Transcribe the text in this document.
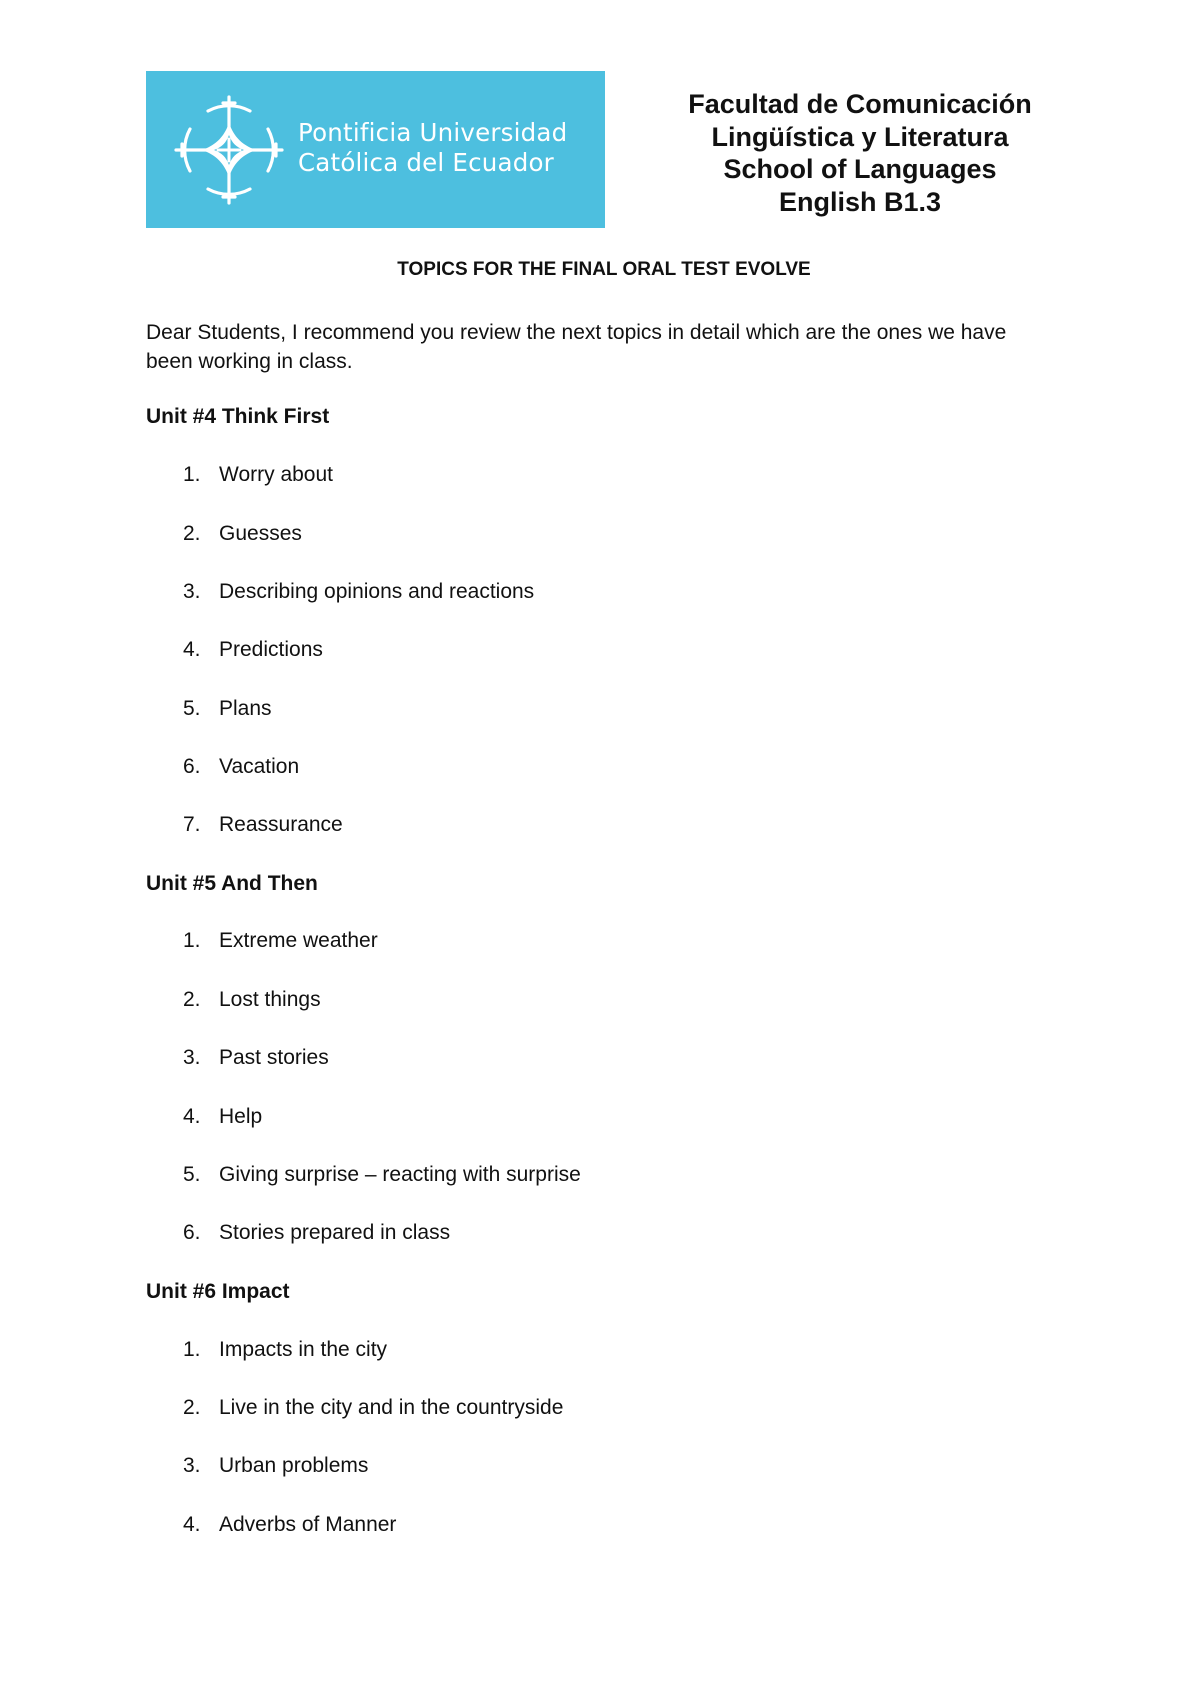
Pontificia Universidad
Católica del Ecuador
Facultad de Comunicación
Lingüística y Literatura
School of Languages
English B1.3
TOPICS FOR THE FINAL ORAL TEST EVOLVE
Dear Students, I recommend you review the next topics in detail which are the ones we have
been working in class.
Unit #4 Think First
1. Worry about
2. Guesses
3. Describing opinions and reactions
4. Predictions
5. Plans
6. Vacation
7. Reassurance
Unit #5 And Then
1. Extreme weather
2. Lost things
3. Past stories
4. Help
5. Giving surprise – reacting with surprise
6. Stories prepared in class
Unit #6 Impact
1. Impacts in the city
2. Live in the city and in the countryside
3. Urban problems
4. Adverbs of Manner
